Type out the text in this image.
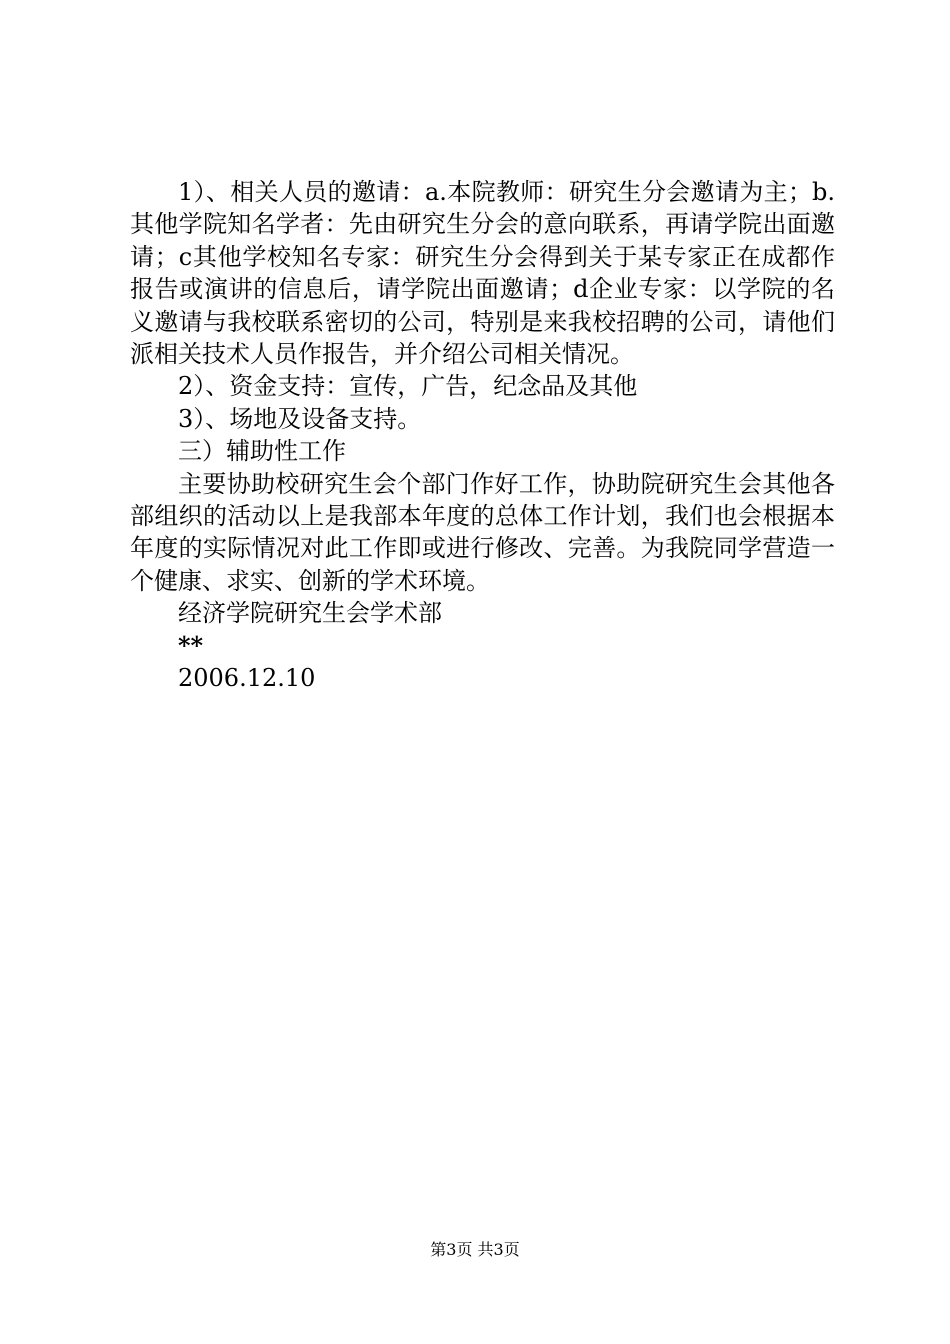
1）、相关人员的邀请：a.本院教师：研究生分会邀请为主；b.其他学院知名学者：先由研究生分会的意向联系，再请学院出面邀请；c其他学校知名专家：研究生分会得到关于某专家正在成都作报告或演讲的信息后，请学院出面邀请；d企业专家：以学院的名义邀请与我校联系密切的公司，特别是来我校招聘的公司，请他们派相关技术人员作报告，并介绍公司相关情况。

2）、资金支持：宣传，广告，纪念品及其他

3）、场地及设备支持。

三）辅助性工作

主要协助校研究生会个部门作好工作，协助院研究生会其他各部组织的活动以上是我部本年度的总体工作计划，我们也会根据本年度的实际情况对此工作即或进行修改、完善。为我院同学营造一个健康、求实、创新的学术环境。

经济学院研究生会学术部

**

2006.12.10

第3页 共3页
